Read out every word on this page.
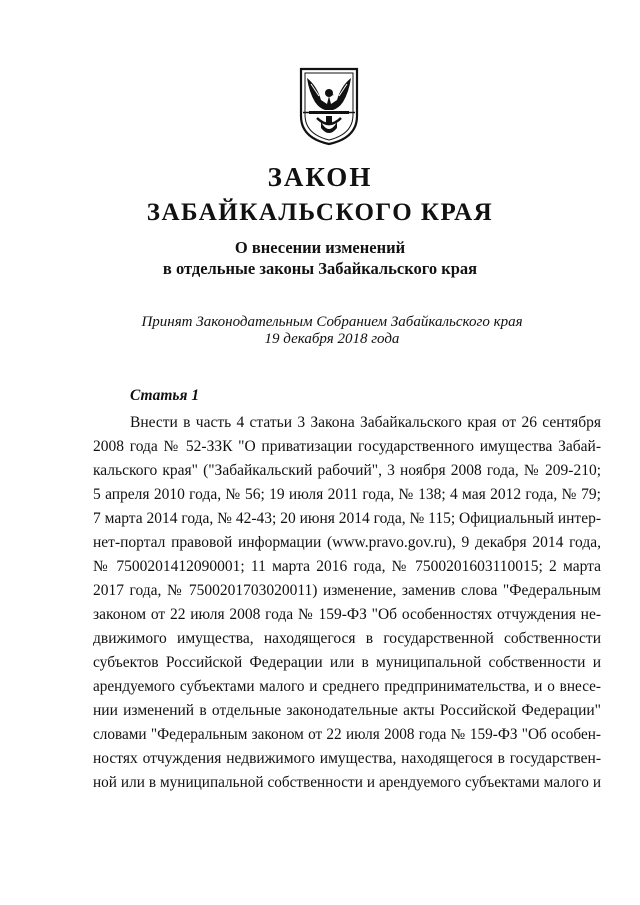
ЗАКОН
ЗАБАЙКАЛЬСКОГО КРАЯ
О внесении изменений
в отдельные законы Забайкальского края
Принят Законодательным Собранием Забайкальского края
19 декабря 2018 года
Статья 1
Внести в часть 4 статьи 3 Закона Забайкальского края от 26 сентября
2008 года № 52-ЗЗК "О приватизации государственного имущества Забай-
кальского края" ("Забайкальский рабочий", 3 ноября 2008 года, № 209-210;
5 апреля 2010 года, № 56; 19 июля 2011 года, № 138; 4 мая 2012 года, № 79;
7 марта 2014 года, № 42-43; 20 июня 2014 года, № 115; Официальный интер-
нет-портал правовой информации (www.pravo.gov.ru), 9 декабря 2014 года,
№ 7500201412090001; 11 марта 2016 года, № 7500201603110015; 2 марта
2017 года, № 7500201703020011) изменение, заменив слова "Федеральным
законом от 22 июля 2008 года № 159-ФЗ "Об особенностях отчуждения не-
движимого имущества, находящегося в государственной собственности
субъектов Российской Федерации или в муниципальной собственности и
арендуемого субъектами малого и среднего предпринимательства, и о внесе-
нии изменений в отдельные законодательные акты Российской Федерации"
словами "Федеральным законом от 22 июля 2008 года № 159-ФЗ "Об особен-
ностях отчуждения недвижимого имущества, находящегося в государствен-
ной или в муниципальной собственности и арендуемого субъектами малого и
